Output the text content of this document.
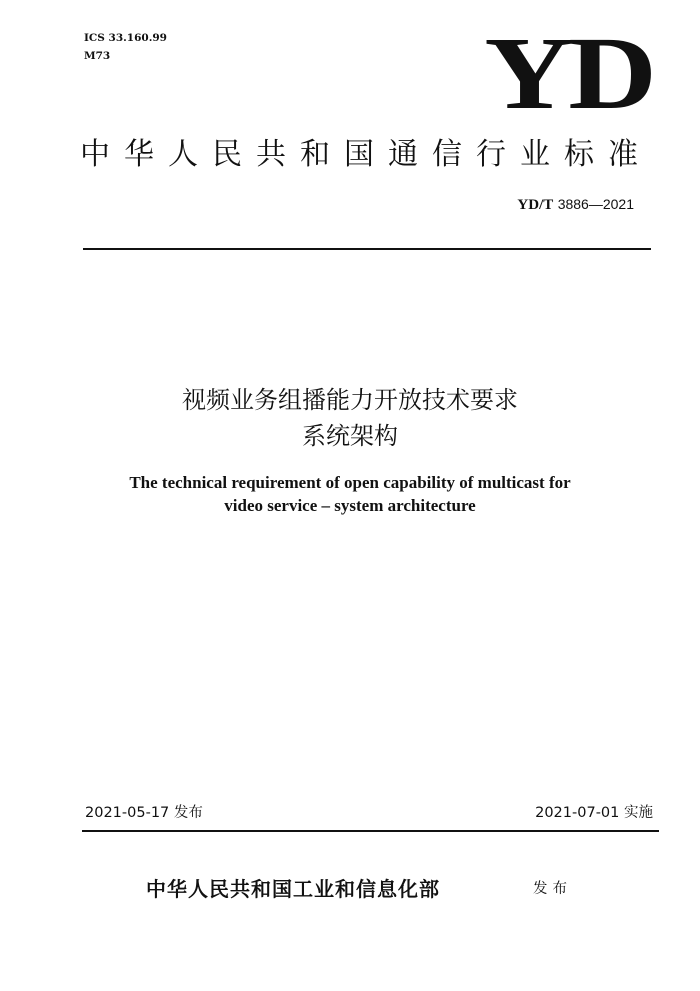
ICS 33.160.99
M73	YD
中华人民共和国通信行业标准
YD/T 3886—2021
视频业务组播能力开放技术要求
系统架构
The technical requirement of open capability of multicast for
video service – system architecture
2021-05-17 发布	2021-07-01 实施
中华人民共和国工业和信息化部	发布
